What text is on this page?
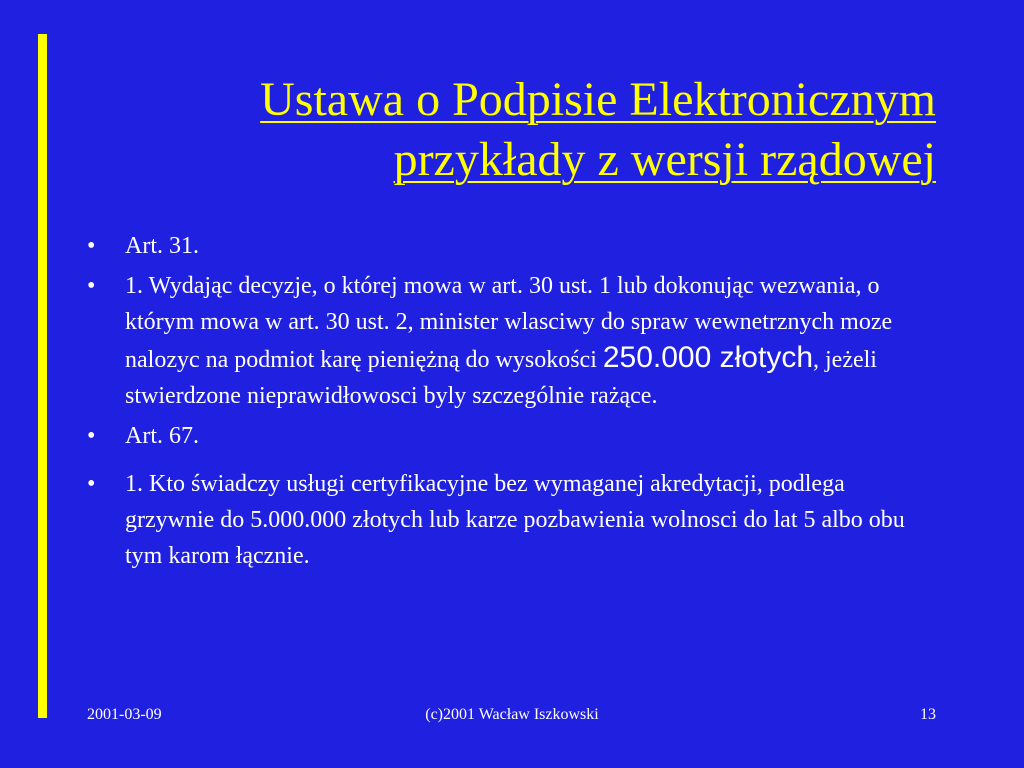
Ustawa o Podpisie Elektronicznym
przykłady z wersji rządowej
• Art. 31.
• 1. Wydając decyzje, o której mowa w art. 30 ust. 1 lub dokonując wezwania, o którym mowa w art. 30 ust. 2, minister wlasciwy do spraw wewnetrznych moze nalozyc na podmiot karę pieniężną do wysokości 250.000 złotych, jeżeli stwierdzone nieprawidłowosci byly szczególnie rażące.
• Art. 67.
• 1. Kto świadczy usługi certyfikacyjne bez wymaganej akredytacji, podlega grzywnie do 5.000.000 złotych lub karze pozbawienia wolnosci do lat 5 albo obu tym karom łącznie.
2001-03-09	(c)2001 Wacław Iszkowski	13
